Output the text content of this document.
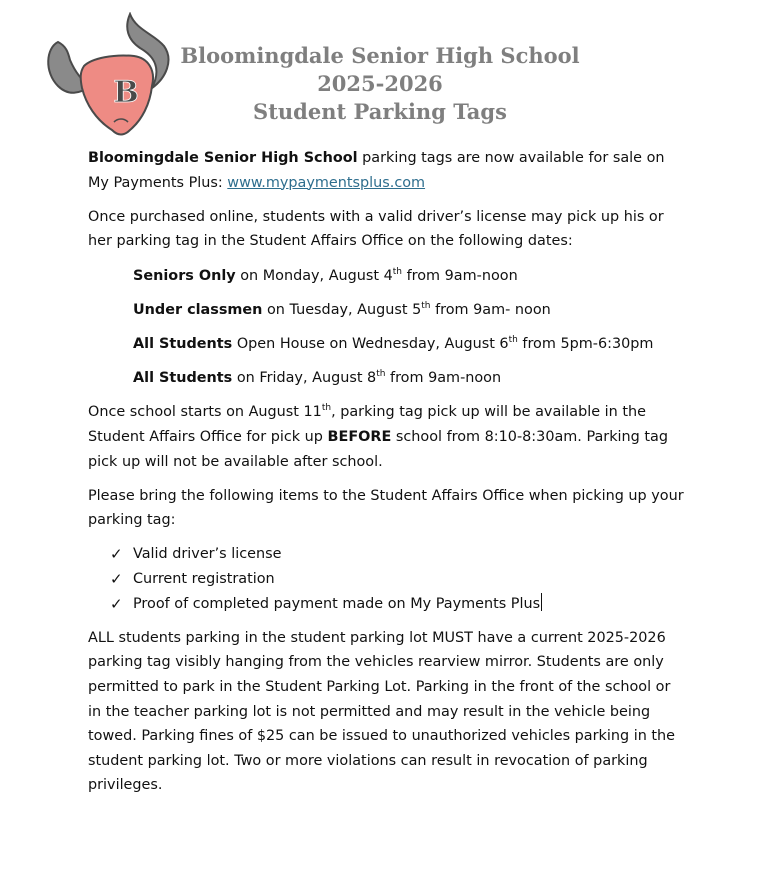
B
Bloomingdale Senior High School
2025-2026
Student Parking Tags

Bloomingdale Senior High School parking tags are now available for sale on My Payments Plus: www.mypaymentsplus.com

Once purchased online, students with a valid driver’s license may pick up his or her parking tag in the Student Affairs Office on the following dates:

Seniors Only on Monday, August 4th from 9am-noon

Under classmen on Tuesday, August 5th from 9am- noon

All Students Open House on Wednesday, August 6th from 5pm-6:30pm

All Students on Friday, August 8th from 9am-noon

Once school starts on August 11th, parking tag pick up will be available in the Student Affairs Office for pick up BEFORE school from 8:10-8:30am. Parking tag pick up will not be available after school.

Please bring the following items to the Student Affairs Office when picking up your parking tag:

✓ Valid driver’s license
✓ Current registration
✓ Proof of completed payment made on My Payments Plus

ALL students parking in the student parking lot MUST have a current 2025-2026 parking tag visibly hanging from the vehicles rearview mirror. Students are only permitted to park in the Student Parking Lot. Parking in the front of the school or in the teacher parking lot is not permitted and may result in the vehicle being towed. Parking fines of $25 can be issued to unauthorized vehicles parking in the student parking lot. Two or more violations can result in revocation of parking privileges.
